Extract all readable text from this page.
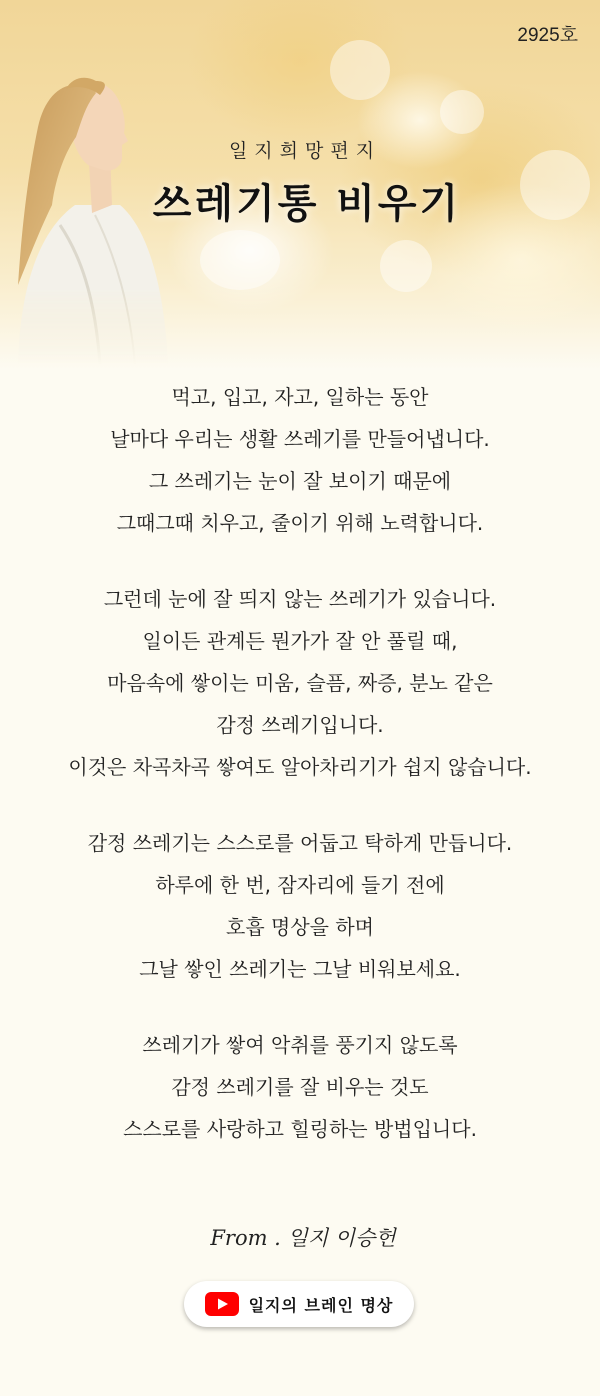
2925호
일지희망편지
쓰레기통 비우기
먹고, 입고, 자고, 일하는 동안
날마다 우리는 생활 쓰레기를 만들어냅니다.
그 쓰레기는 눈이 잘 보이기 때문에
그때그때 치우고, 줄이기 위해 노력합니다.
그런데 눈에 잘 띄지 않는 쓰레기가 있습니다.
일이든 관계든 뭔가가 잘 안 풀릴 때,
마음속에 쌓이는 미움, 슬픔, 짜증, 분노 같은
감정 쓰레기입니다.
이것은 차곡차곡 쌓여도 알아차리기가 쉽지 않습니다.
감정 쓰레기는 스스로를 어둡고 탁하게 만듭니다.
하루에 한 번, 잠자리에 들기 전에
호흡 명상을 하며
그날 쌓인 쓰레기는 그날 비워보세요.
쓰레기가 쌓여 악취를 풍기지 않도록
감정 쓰레기를 잘 비우는 것도
스스로를 사랑하고 힐링하는 방법입니다.
From . 일지 이승헌
일지의 브레인 명상
